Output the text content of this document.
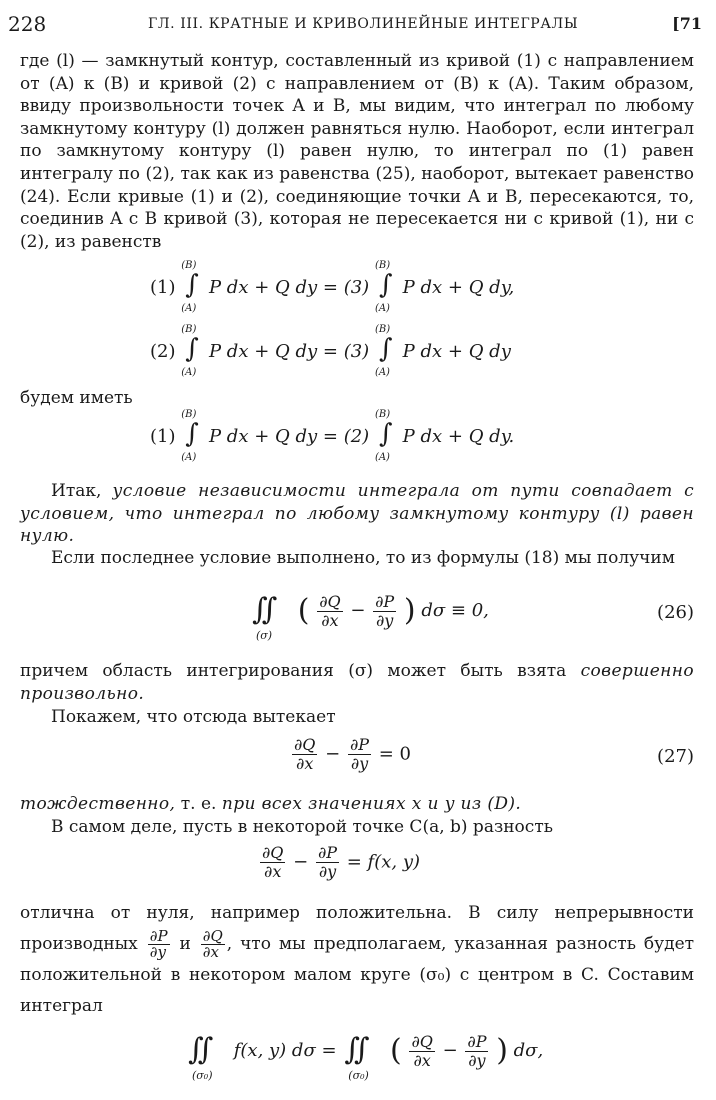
228	ГЛ. III. КРАТНЫЕ И КРИВОЛИНЕЙНЫЕ ИНТЕГРАЛЫ	[71

где (l) — замкнутый контур, составленный из кривой (1) с направлением от (A) к (B) и кривой (2) с направлением от (B) к (A). Таким образом, ввиду произвольности точек A и B, мы видим, что интеграл по любому замкнутому контуру (l) должен равняться нулю. Наоборот, если интеграл по замкнутому контуру (l) равен нулю, то интеграл по (1) равен интегралу по (2), так как из равенства (25), наоборот, вытекает равенство (24). Если кривые (1) и (2), соединяющие точки A и B, пересекаются, то, соединив A с B кривой (3), которая не пересекается ни с кривой (1), ни с (2), из равенств

(1)
(B)
∫
(A)
P dx + Q dy = (3)
(B)
∫
(A)
P dx + Q dy,
(2)
(B)
∫
(A)
P dx + Q dy = (3)
(B)
∫
(A)
P dx + Q dy

будем иметь

(1)
(B)
∫
(A)
P dx + Q dy = (2)
(B)
∫
(A)
P dx + Q dy.

Итак, условие независимости интеграла от пути совпадает с условием, что интеграл по любому замкнутому контуру (l) равен нулю.

Если последнее условие выполнено, то из формулы (18) мы получим

∫∫
(σ)
( $\frac{\partial Q}{\partial x} - \frac{\partial P}{\partial y}$ ) dσ ≡ 0,	(26)

причем область интегрирования (σ) может быть взята совершенно произвольно.

Покажем, что отсюда вытекает

$\frac{\partial Q}{\partial x} - \frac{\partial P}{\partial y} = 0$	(27)

тождественно, т. е. при всех значениях x и y из (D).

В самом деле, пусть в некоторой точке C(a, b) разность

$\frac{\partial Q}{\partial x} - \frac{\partial P}{\partial y} = f(x$, y)

отлична от нуля, например положительна. В силу непрерывности производных $\frac{\partial P}{\partial y}$ и $\frac{\partial Q}{\partial x}$ , что мы предполагаем, указанная разность будет положительной в некотором малом круге (σ₀) с центром в C. Составим интеграл

∫∫
(σ₀)
f(x, y) dσ = ∫∫
(σ₀)
( $\frac{\partial Q}{\partial x} - \frac{\partial P}{\partial y}$ ) dσ,
